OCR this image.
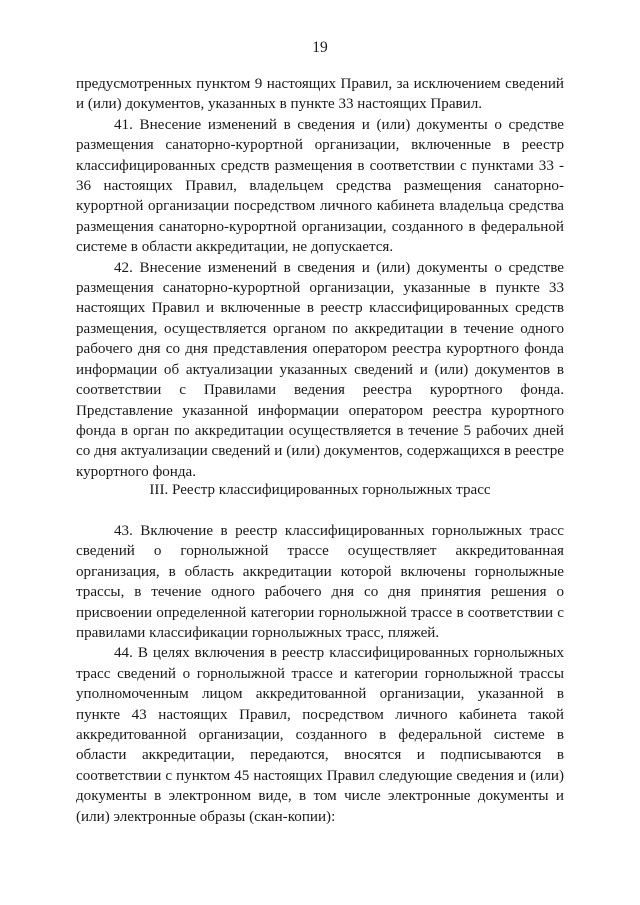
19

предусмотренных пунктом 9 настоящих Правил, за исключением сведений и (или) документов, указанных в пункте 33 настоящих Правил.

41. Внесение изменений в сведения и (или) документы о средстве размещения санаторно-курортной организации, включенные в реестр классифицированных средств размещения в соответствии с пунктами 33 - 36 настоящих Правил, владельцем средства размещения санаторно-курортной организации посредством личного кабинета владельца средства размещения санаторно-курортной организации, созданного в федеральной системе в области аккредитации, не допускается.

42. Внесение изменений в сведения и (или) документы о средстве размещения санаторно-курортной организации, указанные в пункте 33 настоящих Правил и включенные в реестр классифицированных средств размещения, осуществляется органом по аккредитации в течение одного рабочего дня со дня представления оператором реестра курортного фонда информации об актуализации указанных сведений и (или) документов в соответствии с Правилами ведения реестра курортного фонда. Представление указанной информации оператором реестра курортного фонда в орган по аккредитации осуществляется в течение 5 рабочих дней со дня актуализации сведений и (или) документов, содержащихся в реестре курортного фонда.

III. Реестр классифицированных горнолыжных трасс

43. Включение в реестр классифицированных горнолыжных трасс сведений о горнолыжной трассе осуществляет аккредитованная организация, в область аккредитации которой включены горнолыжные трассы, в течение одного рабочего дня со дня принятия решения о присвоении определенной категории горнолыжной трассе в соответствии с правилами классификации горнолыжных трасс, пляжей.

44. В целях включения в реестр классифицированных горнолыжных трасс сведений о горнолыжной трассе и категории горнолыжной трассы уполномоченным лицом аккредитованной организации, указанной в пункте 43 настоящих Правил, посредством личного кабинета такой аккредитованной организации, созданного в федеральной системе в области аккредитации, передаются, вносятся и подписываются в соответствии с пунктом 45 настоящих Правил следующие сведения и (или) документы в электронном виде, в том числе электронные документы и (или) электронные образы (скан-копии):
